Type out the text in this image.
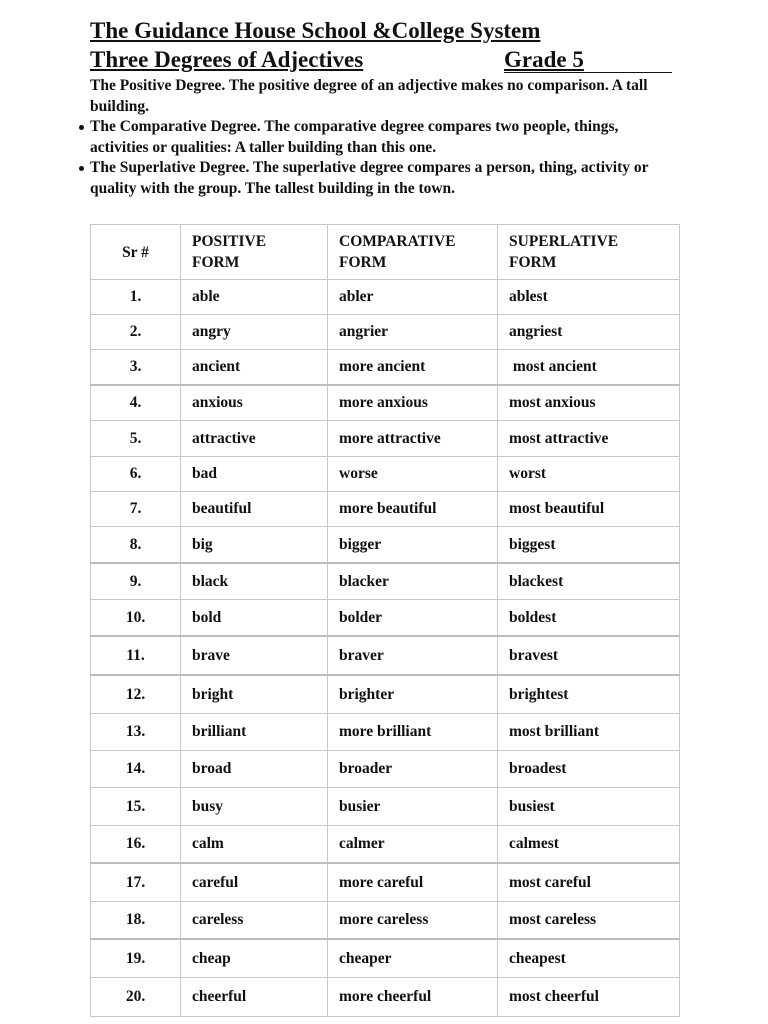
The Guidance House School &College System
Three Degrees of Adjectives	Grade 5

The Positive Degree. The positive degree of an adjective makes no comparison. A tall building.

The Comparative Degree. The comparative degree compares two people, things, activities or qualities: A taller building than this one.
The Superlative Degree. The superlative degree compares a person, thing, activity or quality with the group. The tallest building in the town.
Sr #	POSITIVE FORM	COMPARATIVE FORM	SUPERLATIVE FORM
1.	able	abler	ablest
2.	angry	angrier	angriest
3.	ancient	more ancient	most ancient
4.	anxious	more anxious	most anxious
5.	attractive	more attractive	most attractive
6.	bad	worse	worst
7.	beautiful	more beautiful	most beautiful
8.	big	bigger	biggest
9.	black	blacker	blackest
10.	bold	bolder	boldest
11.	brave	braver	bravest
12.	bright	brighter	brightest
13.	brilliant	more brilliant	most brilliant
14.	broad	broader	broadest
15.	busy	busier	busiest
16.	calm	calmer	calmest
17.	careful	more careful	most careful
18.	careless	more careless	most careless
19.	cheap	cheaper	cheapest
20.	cheerful	more cheerful	most cheerful
